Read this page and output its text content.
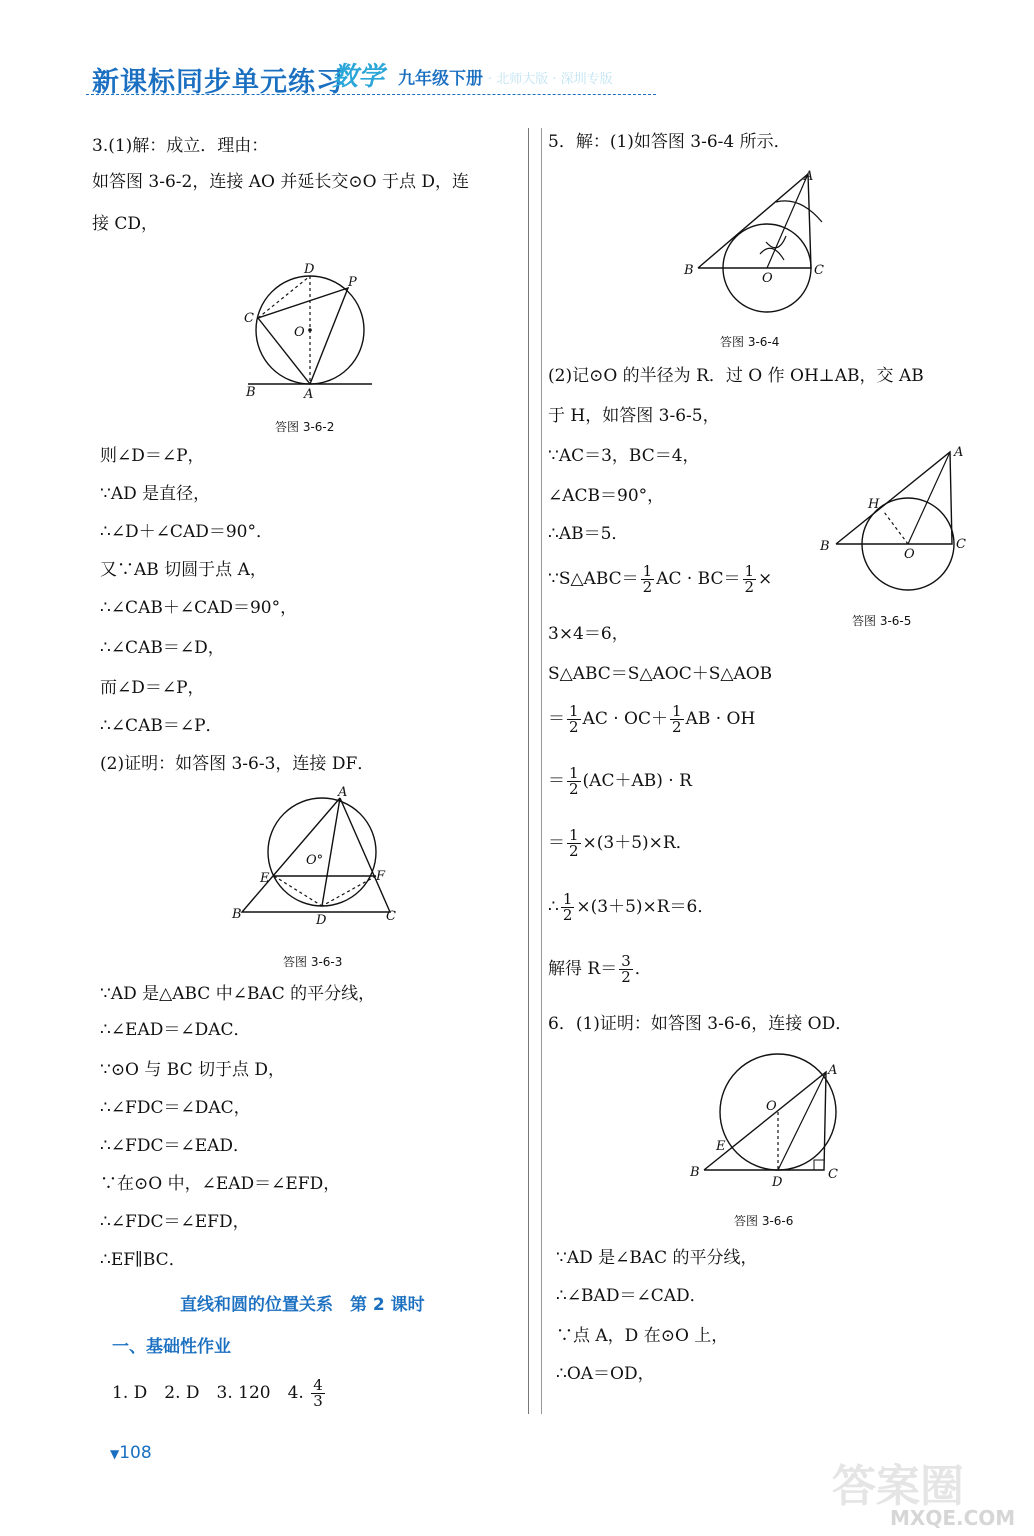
新课标同步单元练习
数学 九年级下册 · 北师大版 · 深圳专版
3.(1)解：成立．理由：
如答图 3-6-2，连接 AO 并延长交⊙O 于点 D，连
接 CD，
D
P
C
O
B	A
答图 3-6-2
则∠D＝∠P，
∵AD 是直径，
∴∠D＋∠CAD＝90°．
又∵AB 切圆于点 A，
∴∠CAB＋∠CAD＝90°，
∴∠CAB＝∠D，
而∠D＝∠P，
∴∠CAB＝∠P．
(2)证明：如答图 3-6-3，连接 DF．
A
O°
E	F
B	D	C
答图 3-6-3
∵AD 是△ABC 中∠BAC 的平分线，
∴∠EAD＝∠DAC．
∵⊙O 与 BC 切于点 D，
∴∠FDC＝∠DAC，
∴∠FDC＝∠EAD．
∵在⊙O 中，∠EAD＝∠EFD，
∴∠FDC＝∠EFD，
∴EF∥BC．
直线和圆的位置关系　第 2 课时
一、基础性作业
1. D　2. D　3. 120　4. $\frac{4}{3}$
5．解：(1)如答图 3-6-4 所示．
A
B
O
C
答图 3-6-4
(2)记⊙O 的半径为 R．过 O 作 OH⊥AB，交 AB
于 H，如答图 3-6-5，
∵AC＝3，BC＝4，
∠ACB＝90°，
∴AB＝5．
∵S△ABC＝ $\frac{1}{2}$ AC · $BC= \frac{1}{2}$ ×
A
H
B
O
C
答图 3-6-5
3×4＝6，
S△ABC＝S△AOC＋S△AOB
＝ $\frac{1}{2}$ AC · $OC+ \frac{1}{2}$ AB · OH
＝ $\frac{1}{2} (AC+AB) \cdot R$
＝ $\frac{1}{2} \times(3+5)\times R$．
∴ $\frac{1}{2} \times(3+5)\times R=6$．
解得 $R= \frac{3}{2}$ ．
6．(1)证明：如答图 3-6-6，连接 OD．
A
O
E
B
D
C
答图 3-6-6
∵AD 是∠BAC 的平分线，
∴∠BAD＝∠CAD．
∵点 A，D 在⊙O 上，
∴OA＝OD，
▼108
答案圈
MXQE.COM
